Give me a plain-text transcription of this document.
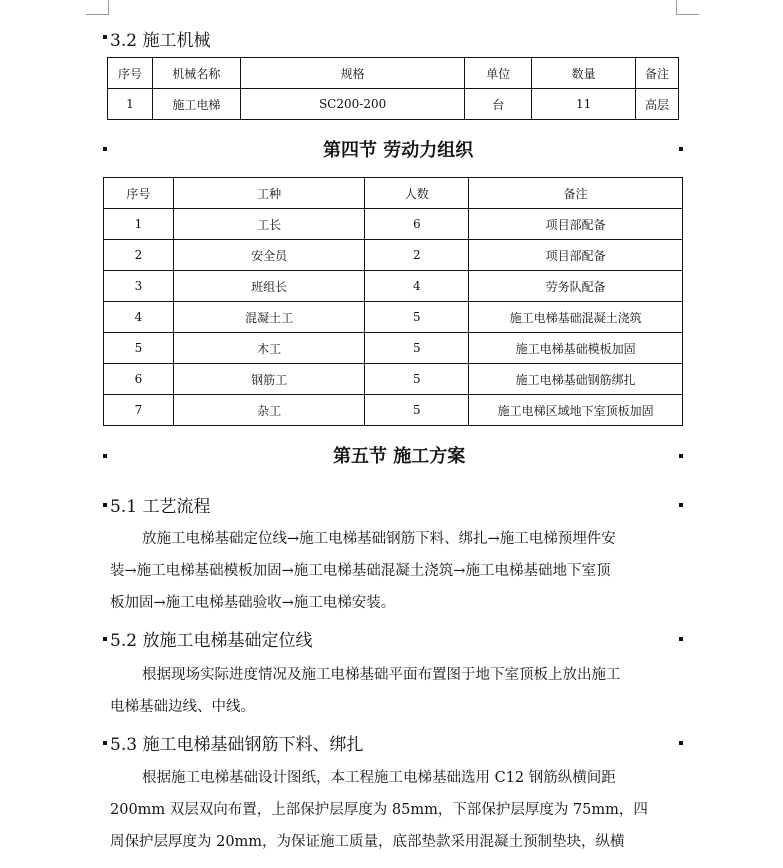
3.2 施工机械
序号	机械名称	规格	单位	数量	备注
1	施工电梯	SC200-200	台	11	高层
第四节 劳动力组织
序号	工种	人数	备注
1	工长	6	项目部配备
2	安全员	2	项目部配备
3	班组长	4	劳务队配备
4	混凝土工	5	施工电梯基础混凝土浇筑
5	木工	5	施工电梯基础模板加固
6	钢筋工	5	施工电梯基础钢筋绑扎
7	杂工	5	施工电梯区域地下室顶板加固
第五节 施工方案
5.1 工艺流程
放施工电梯基础定位线→施工电梯基础钢筋下料、绑扎→施工电梯预埋件安
装→施工电梯基础模板加固→施工电梯基础混凝土浇筑→施工电梯基础地下室顶
板加固→施工电梯基础验收→施工电梯安装。
5.2 放施工电梯基础定位线
根据现场实际进度情况及施工电梯基础平面布置图于地下室顶板上放出施工
电梯基础边线、中线。
5.3 施工电梯基础钢筋下料、绑扎
根据施工电梯基础设计图纸，本工程施工电梯基础选用 C12 钢筋纵横间距
200mm 双层双向布置，上部保护层厚度为 85mm，下部保护层厚度为 75mm，四
周保护层厚度为 20mm，为保证施工质量，底部垫款采用混凝土预制垫块，纵横
